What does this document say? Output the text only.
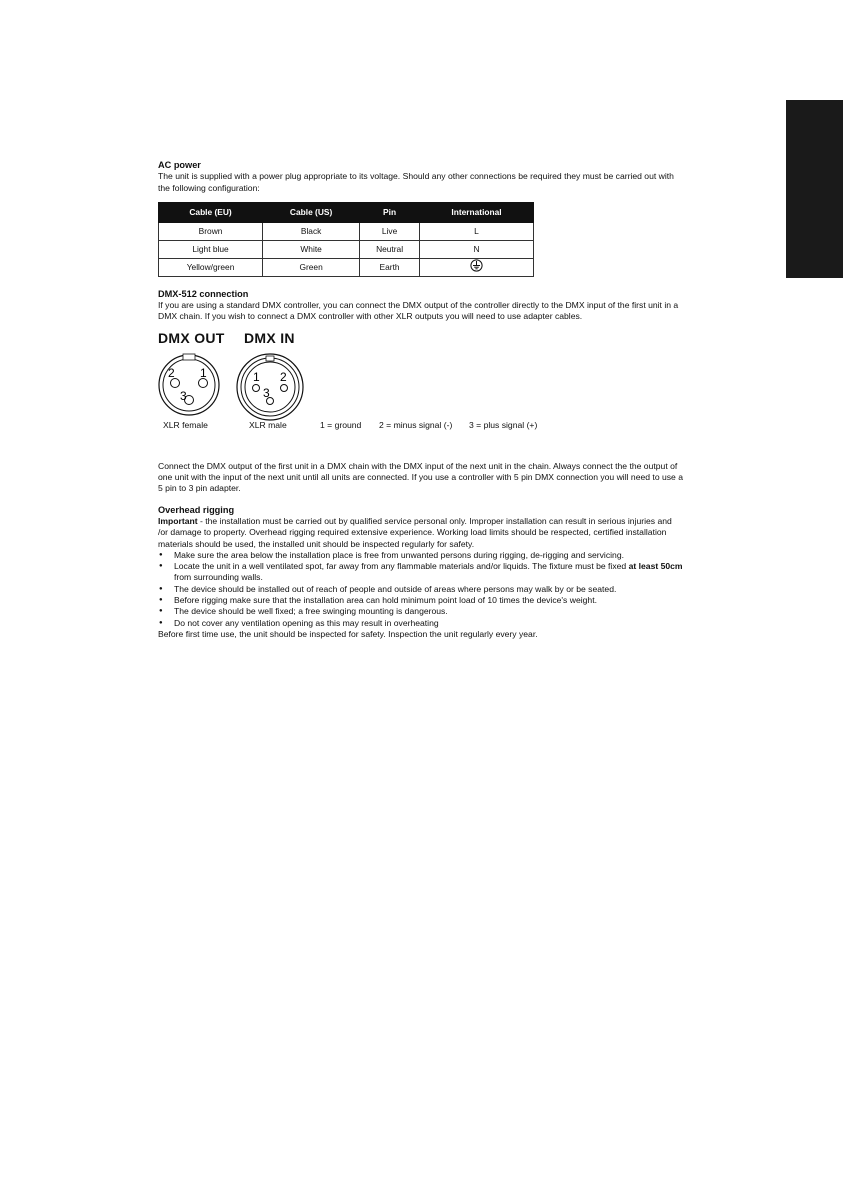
AC power

The unit is supplied with a power plug appropriate to its voltage. Should any other connections be required they must be carried out with the following configuration:

Cable (EU)	Cable (US)	Pin	International
Brown	Black	Live	L
Light blue	White	Neutral	N
Yellow/green	Green	Earth	

DMX-512 connection

If you are using a standard DMX controller, you can connect the DMX output of the controller directly to the DMX input of the first unit in a DMX chain. If you wish to connect a DMX controller with other XLR outputs you will need to use adapter cables.

DMX OUT DMX IN
2 1
3
1 2
3
XLR female	XLR male	1 = ground 2 = minus signal (-) 3 = plus signal (+)

Connect the DMX output of the first unit in a DMX chain with the DMX input of the next unit in the chain. Always connect the the output of one unit with the input of the next unit until all units are connected. If you use a controller with 5 pin DMX connection you will need to use a 5 pin to 3 pin adapter.

Overhead rigging

Important - the installation must be carried out by qualified service personal only. Improper installation can result in serious injuries and /or damage to property. Overhead rigging required extensive experience. Working load limits should be respected, certified installation materials should be used, the installed unit should be inspected regularly for safety.

● Make sure the area below the installation place is free from unwanted persons during rigging, de-rigging and servicing.
● Locate the unit in a well ventilated spot, far away from any flammable materials and/or liquids. The fixture must be fixed at least 50cm from surrounding walls.
● The device should be installed out of reach of people and outside of areas where persons may walk by or be seated.
● Before rigging make sure that the installation area can hold minimum point load of 10 times the device's weight.
● The device should be well fixed; a free swinging mounting is dangerous.
● Do not cover any ventilation opening as this may result in overheating

Before first time use, the unit should be inspected for safety. Inspection the unit regularly every year.
